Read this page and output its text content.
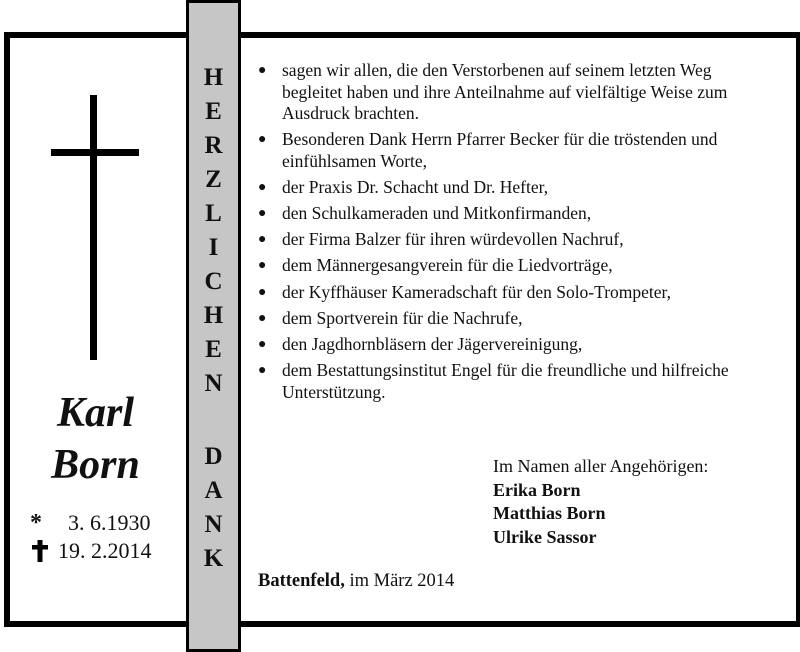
Karl
Born
*	3. 6.1930
19. 2.2014
H
E
R
Z
L
I
C
H
E
N
D
A
N
K
● sagen wir allen, die den Verstorbenen auf seinem letzten Weg begleitet haben und ihre Anteilnahme auf vielfältige Weise zum Ausdruck brachten.
● Besonderen Dank Herrn Pfarrer Becker für die tröstenden und einfühlsamen Worte,
● der Praxis Dr. Schacht und Dr. Hefter,
● den Schulkameraden und Mitkonfirmanden,
● der Firma Balzer für ihren würdevollen Nachruf,
● dem Männergesangverein für die Liedvorträge,
● der Kyffhäuser Kameradschaft für den Solo-Trompeter,
● dem Sportverein für die Nachrufe,
● den Jagdhornbläsern der Jägervereinigung,
● dem Bestattungsinstitut Engel für die freundliche und hilfreiche Unterstützung.
Im Namen aller Angehörigen:
Erika Born
Matthias Born
Ulrike Sassor
Battenfeld, im März 2014
